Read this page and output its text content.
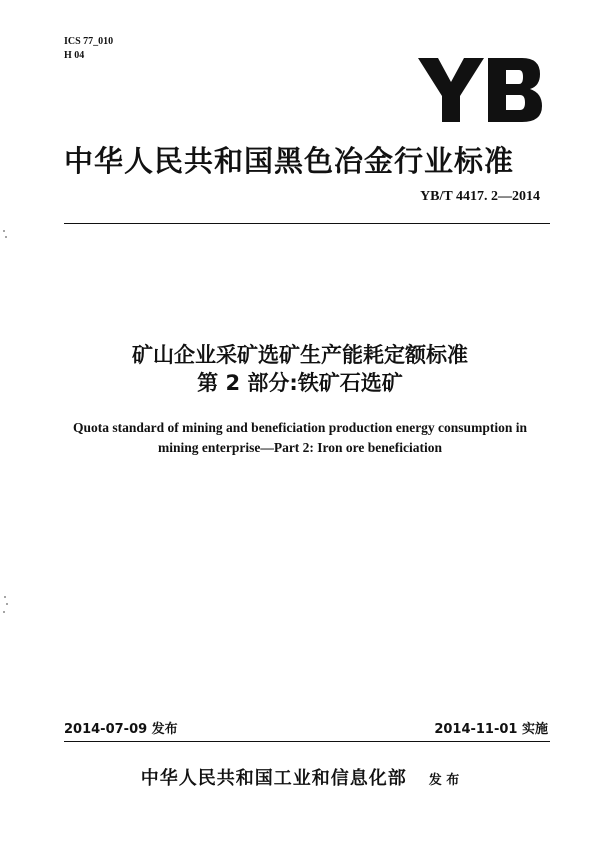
ICS 77_010
H 04
中华人民共和国黑色冶金行业标准
YB/T 4417. 2—2014
矿山企业采矿选矿生产能耗定额标准
第 2 部分:铁矿石选矿
Quota standard of mining and beneficiation production energy consumption in
mining enterprise—Part 2: Iron ore beneficiation
2014-07-09 发布	2014-11-01 实施
中华人民共和国工业和信息化部 发 布
